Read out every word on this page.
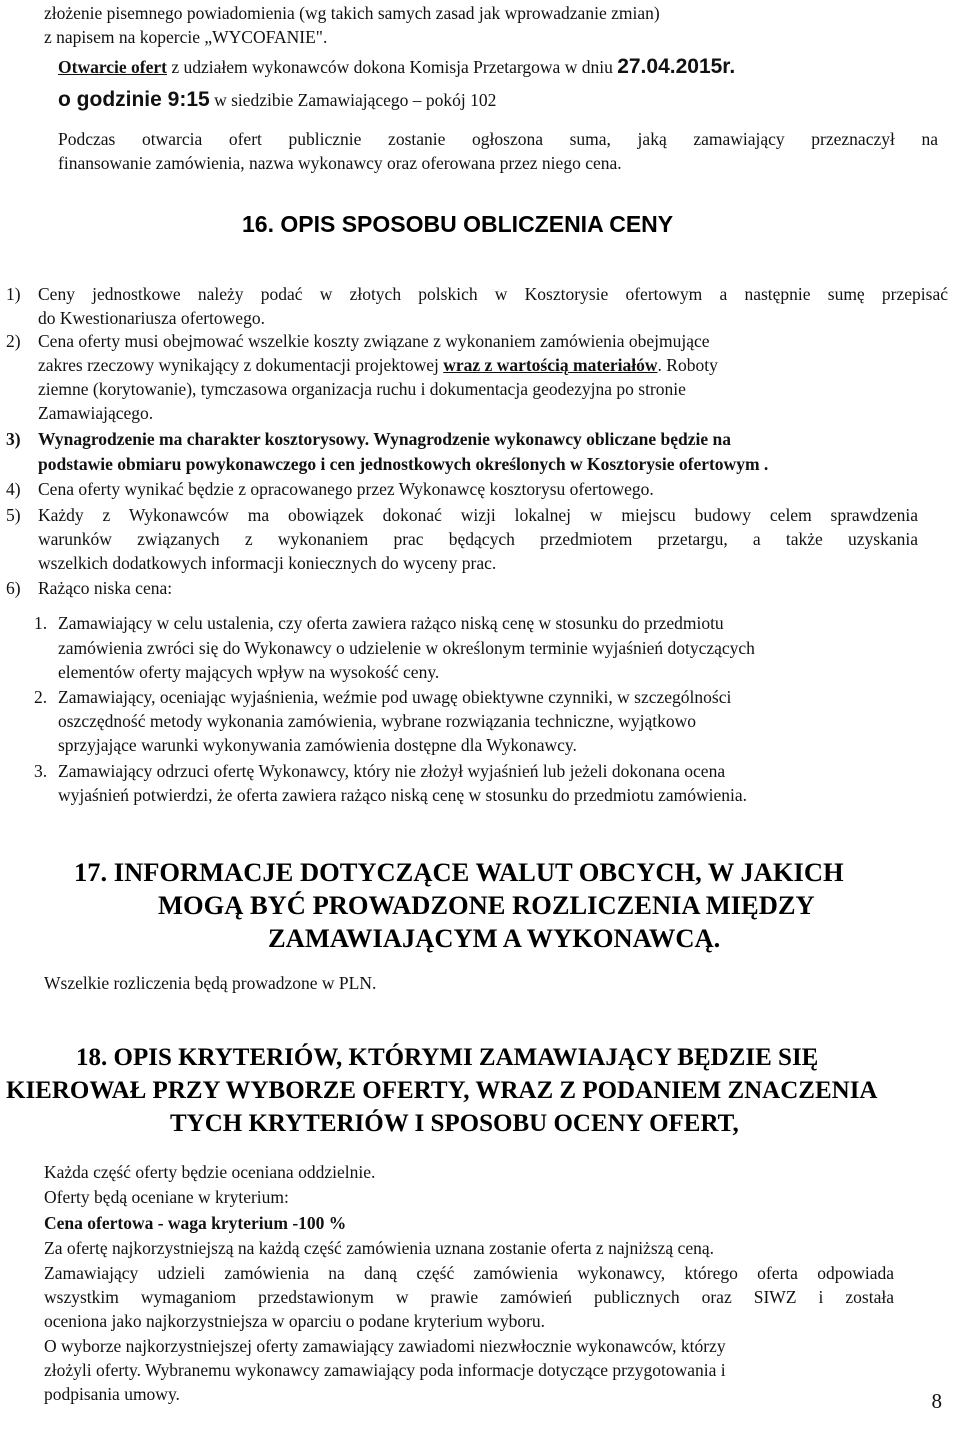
złożenie pisemnego powiadomienia (wg takich samych zasad jak wprowadzanie zmian)
z napisem na kopercie „WYCOFANIE".
Otwarcie ofert z udziałem wykonawców dokona Komisja Przetargowa w dniu 27.04.2015r.
o godzinie 9:15 w siedzibie Zamawiającego – pokój 102
Podczas otwarcia ofert publicznie zostanie ogłoszona suma, jaką zamawiający przeznaczył na
finansowanie zamówienia, nazwa wykonawcy oraz oferowana przez niego cena.
16. OPIS SPOSOBU OBLICZENIA CENY
1) Ceny jednostkowe należy podać w złotych polskich w Kosztorysie ofertowym a następnie sumę przepisać
do Kwestionariusza ofertowego.
2) Cena oferty musi obejmować wszelkie koszty związane z wykonaniem zamówienia obejmujące
zakres rzeczowy wynikający z dokumentacji projektowej wraz z wartością materiałów. Roboty
ziemne (korytowanie), tymczasowa organizacja ruchu i dokumentacja geodezyjna po stronie
Zamawiającego.
3) Wynagrodzenie ma charakter kosztorysowy. Wynagrodzenie wykonawcy obliczane będzie na
podstawie obmiaru powykonawczego i cen jednostkowych określonych w Kosztorysie ofertowym .
4) Cena oferty wynikać będzie z opracowanego przez Wykonawcę kosztorysu ofertowego.
5) Każdy z Wykonawców ma obowiązek dokonać wizji lokalnej w miejscu budowy celem sprawdzenia
warunków związanych z wykonaniem prac będących przedmiotem przetargu, a także uzyskania
wszelkich dodatkowych informacji koniecznych do wyceny prac.
6) Rażąco niska cena:
1. Zamawiający w celu ustalenia, czy oferta zawiera rażąco niską cenę w stosunku do przedmiotu
zamówienia zwróci się do Wykonawcy o udzielenie w określonym terminie wyjaśnień dotyczących
elementów oferty mających wpływ na wysokość ceny.
2. Zamawiający, oceniając wyjaśnienia, weźmie pod uwagę obiektywne czynniki, w szczególności
oszczędność metody wykonania zamówienia, wybrane rozwiązania techniczne, wyjątkowo
sprzyjające warunki wykonywania zamówienia dostępne dla Wykonawcy.
3. Zamawiający odrzuci ofertę Wykonawcy, który nie złożył wyjaśnień lub jeżeli dokonana ocena
wyjaśnień potwierdzi, że oferta zawiera rażąco niską cenę w stosunku do przedmiotu zamówienia.
17. INFORMACJE DOTYCZĄCE WALUT OBCYCH, W JAKICH
MOGĄ BYĆ PROWADZONE ROZLICZENIA MIĘDZY
ZAMAWIAJĄCYM A WYKONAWCĄ.
Wszelkie rozliczenia będą prowadzone w PLN.
18. OPIS KRYTERIÓW, KTÓRYMI ZAMAWIAJĄCY BĘDZIE SIĘ
KIEROWAŁ PRZY WYBORZE OFERTY, WRAZ Z PODANIEM ZNACZENIA
TYCH KRYTERIÓW I SPOSOBU OCENY OFERT,
Każda część oferty będzie oceniana oddzielnie.
Oferty będą oceniane w kryterium:
Cena ofertowa - waga kryterium -100 %
Za ofertę najkorzystniejszą na każdą część zamówienia uznana zostanie oferta z najniższą ceną.
Zamawiający udzieli zamówienia na daną część zamówienia wykonawcy, którego oferta odpowiada
wszystkim wymaganiom przedstawionym w prawie zamówień publicznych oraz SIWZ i została
oceniona jako najkorzystniejsza w oparciu o podane kryterium wyboru.
O wyborze najkorzystniejszej oferty zamawiający zawiadomi niezwłocznie wykonawców, którzy
złożyli oferty. Wybranemu wykonawcy zamawiający poda informacje dotyczące przygotowania i
podpisania umowy.	8
